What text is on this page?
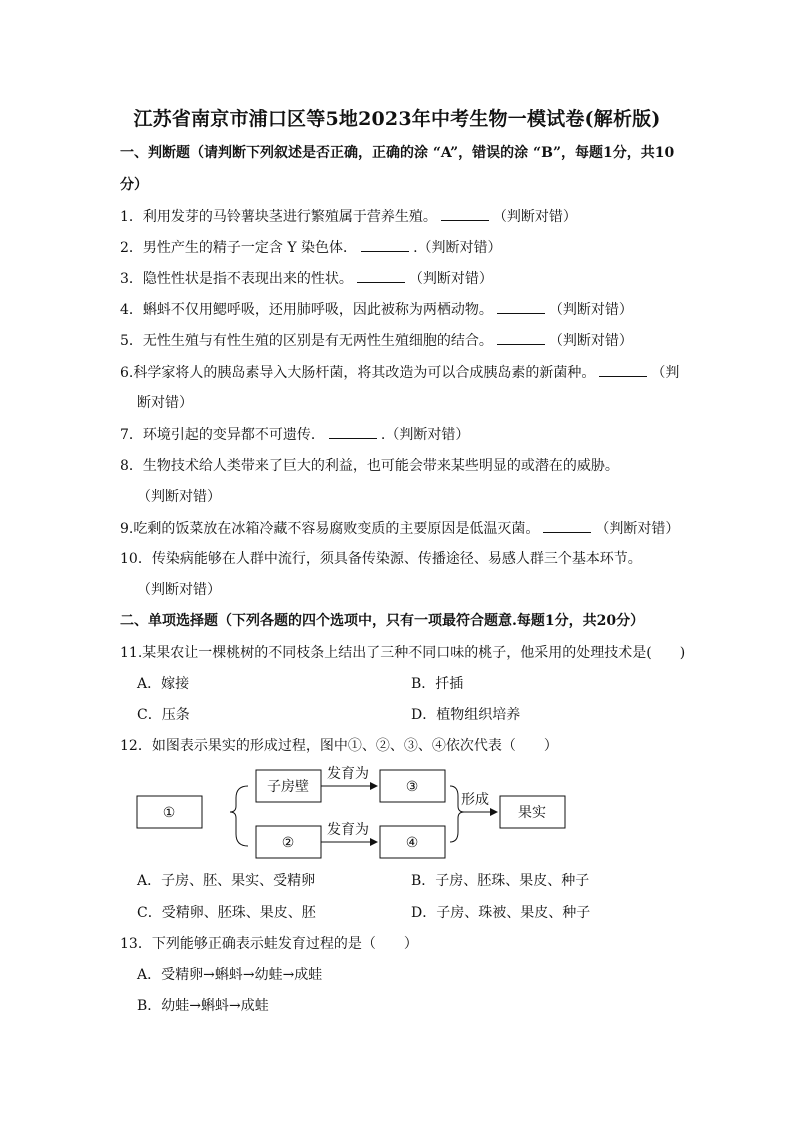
江苏省南京市浦口区等5地2023年中考生物一模试卷(解析版)
一、判断题（请判断下列叙述是否正确，正确的涂 “A”，错误的涂 “B”，每题1分，共10
分）
1．利用发芽的马铃薯块茎进行繁殖属于营养生殖。	（判断对错）
2．男性产生的精子一定含 Y 染色体．	.（判断对错）
3．隐性性状是指不表现出来的性状。	（判断对错）
4．蝌蚪不仅用鳃呼吸，还用肺呼吸，因此被称为两栖动物。	（判断对错）
5．无性生殖与有性生殖的区别是有无两性生殖细胞的结合。	（判断对错）
6.科学家将人的胰岛素导入大肠杆菌，将其改造为可以合成胰岛素的新菌种。	（判
断对错）
7．环境引起的变异都不可遗传．	.（判断对错）
8．生物技术给人类带来了巨大的利益，也可能会带来某些明显的或潜在的威胁。
（判断对错）
9.吃剩的饭菜放在冰箱冷藏不容易腐败变质的主要原因是低温灭菌。	（判断对错）
10．传染病能够在人群中流行，须具备传染源、传播途径、易感人群三个基本环节。
（判断对错）
二、单项选择题（下列各题的四个选项中，只有一项最符合题意.每题1分，共20分）
11.某果农让一棵桃树的不同枝条上结出了三种不同口味的桃子，他采用的处理技术是(　　)
A．嫁接	B．扦插
C．压条	D．植物组织培养
12．如图表示果实的形成过程，图中①、②、③、④依次代表（　　）
①
子房壁
②
发育为
发育为
③
④
形成
果实
A．子房、胚、果实、受精卵	B．子房、胚珠、果皮、种子
C．受精卵、胚珠、果皮、胚	D．子房、珠被、果皮、种子
13．下列能够正确表示蛙发育过程的是（　　）
A．受精卵→蝌蚪→幼蛙→成蛙
B．幼蛙→蝌蚪→成蛙
